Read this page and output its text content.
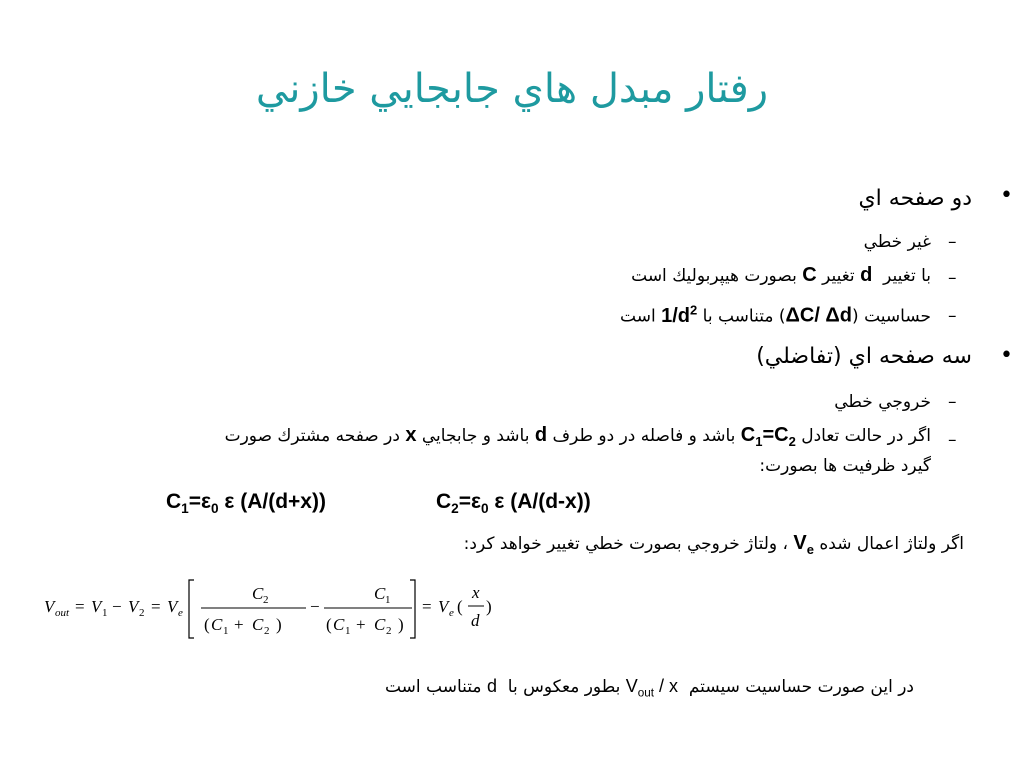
رفتار مبدل هاي جابجايي خازني
•
دو صفحه اي
–
غير خطي
–
با تغيير  d تغيير C بصورت هيپربوليك است
–
حساسيت (ΔC/ Δd) متناسب با $1/d^2$ است
•
سه صفحه اي (تفاضلي)
–
خروجي خطي
–
اگر در حالت تعادل $C_1=C_2$ باشد و فاصله در دو طرف d باشد و جابجايي x در صفحه مشترك صورت
گيرد ظرفيت ها بصورت:
$C_1=\varepsilon_0$ ε (A/(d+x))	$C_2=\varepsilon_0$ ε (A/(d-x))
اگر ولتاژ اعمال شده $V_e$ ، ولتاژ خروجي بصورت خطي تغيير خواهد كرد:
V out = V 1 − V 2 = V e
C 2
( C 1 + C 2 )
−
C 1
( C 1 + C 2 )
= V e (
x
d
)
در اين صورت حساسيت سيستم  $V_{out}$ / x بطور معكوس با  d متناسب است
